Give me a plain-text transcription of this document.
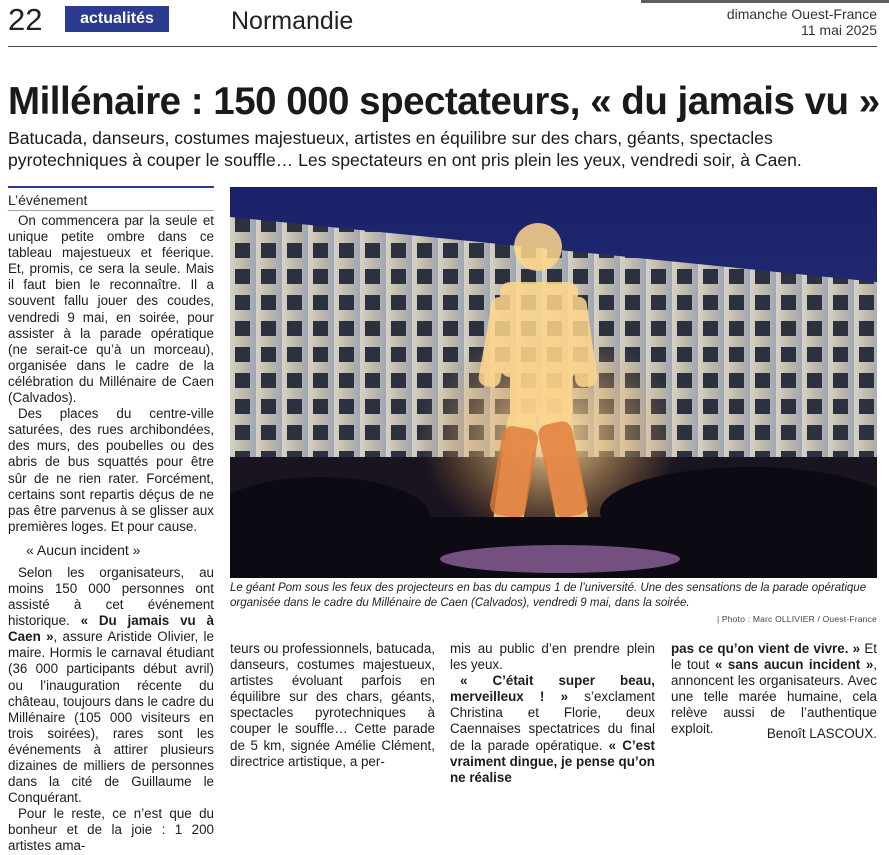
22	actualités	Normandie	dimanche Ouest-France
11 mai 2025
Millénaire : 150 000 spectateurs, « du jamais vu »
Batucada, danseurs, costumes majestueux, artistes en équilibre sur des chars, géants, spectacles pyrotechniques à couper le souffle… Les spectateurs en ont pris plein les yeux, vendredi soir, à Caen.
L’événement

On commencera par la seule et unique petite ombre dans ce tableau majestueux et féerique. Et, promis, ce sera la seule. Mais il faut bien le reconnaître. Il a souvent fallu jouer des coudes, vendredi 9 mai, en soirée, pour assister à la parade opératique (ne serait-ce qu’à un morceau), organisée dans le cadre de la célébration du Millénaire de Caen (Calvados).

Des places du centre-ville saturées, des rues archibondées, des murs, des poubelles ou des abris de bus squattés pour être sûr de ne rien rater. Forcément, certains sont repartis déçus de ne pas être parvenus à se glisser aux premières loges. Et pour cause.

« Aucun incident »

Selon les organisateurs, au moins 150 000 personnes ont assisté à cet événement historique. « Du jamais vu à Caen », assure Aristide Olivier, le maire. Hormis le carnaval étudiant (36 000 participants début avril) ou l’inauguration récente du château, toujours dans le cadre du Millénaire (105 000 visiteurs en trois soirées), rares sont les événements à attirer plusieurs dizaines de milliers de personnes dans la cité de Guillaume le Conquérant.

Pour le reste, ce n’est que du bonheur et de la joie : 1 200 artistes ama-

Le géant Pom sous les feux des projecteurs en bas du campus 1 de l’université. Une des sensations de la parade opératique organisée dans le cadre du Millénaire de Caen (Calvados), vendredi 9 mai, dans la soirée.
| Photo : Marc OLLIVIER / Ouest-France

teurs ou professionnels, batucada, danseurs, costumes majestueux, artistes évoluant parfois en équilibre sur des chars, géants, spectacles pyrotechniques à couper le souffle… Cette parade de 5 km, signée Amélie Clément, directrice artistique, a per-

mis au public d’en prendre plein les yeux.

« C’était super beau, merveilleux ! » s’exclament Christina et Florie, deux Caennaises spectatrices du final de la parade opératique. « C’est vraiment dingue, je pense qu’on ne réalise

pas ce qu’on vient de vivre. » Et le tout « sans aucun incident », annoncent les organisateurs. Avec une telle marée humaine, cela relève aussi de l’authentique exploit.	Benoît LASCOUX.
